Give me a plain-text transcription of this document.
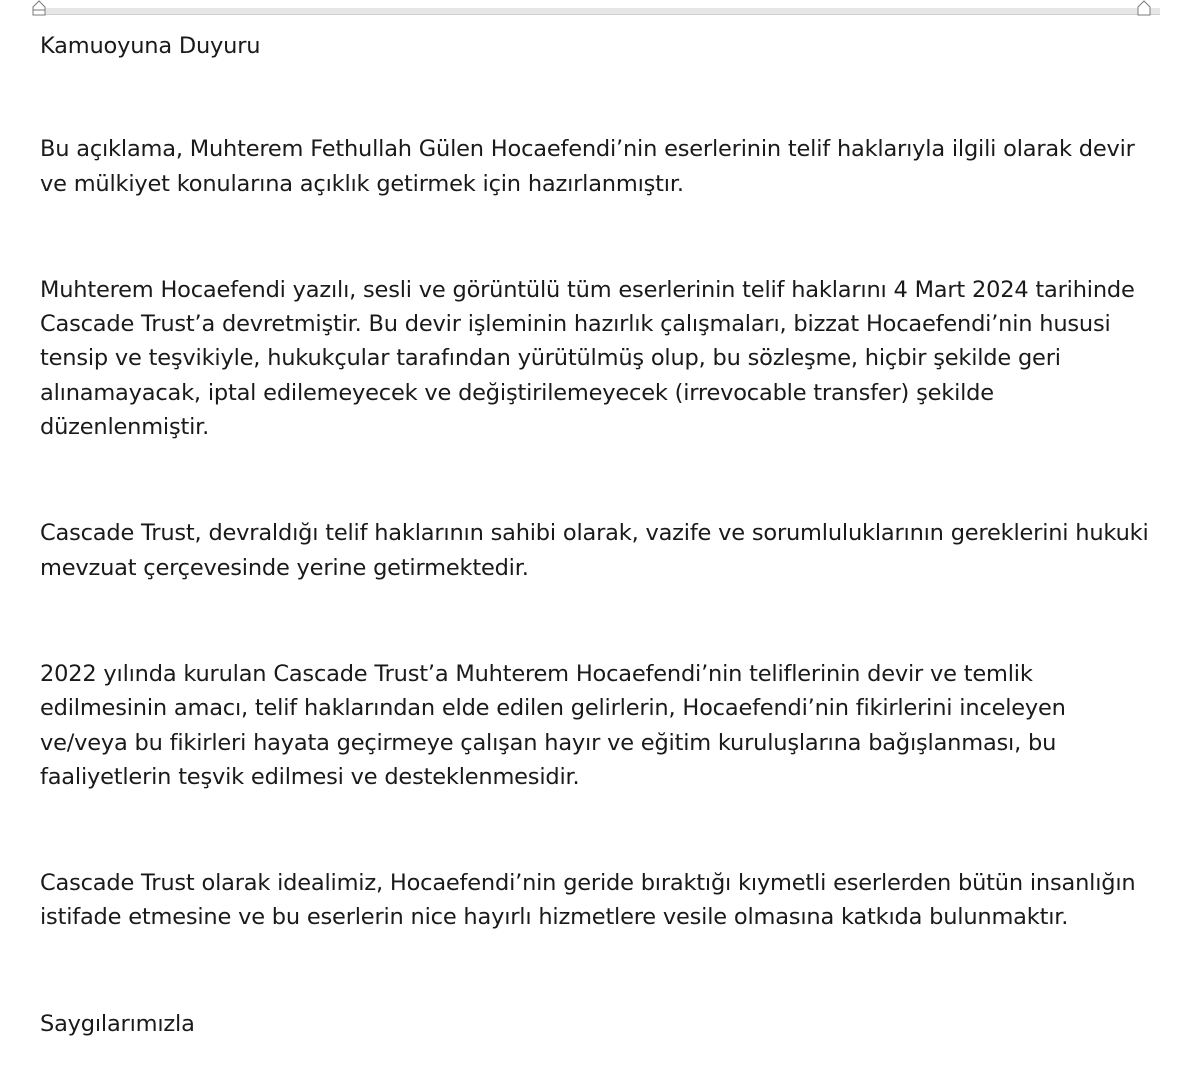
Kamuoyuna Duyuru

Bu açıklama, Muhterem Fethullah Gülen Hocaefendi’nin eserlerinin telif haklarıyla ilgili olarak devir ve mülkiyet konularına açıklık getirmek için hazırlanmıştır.

Muhterem Hocaefendi yazılı, sesli ve görüntülü tüm eserlerinin telif haklarını 4 Mart 2024 tarihinde Cascade Trust’a devretmiştir. Bu devir işleminin hazırlık çalışmaları, bizzat Hocaefendi’nin hususi tensip ve teşvikiyle, hukukçular tarafından yürütülmüş olup, bu sözleşme, hiçbir şekilde geri alınamayacak, iptal edilemeyecek ve değiştirilemeyecek (irrevocable transfer) şekilde düzenlenmiştir.

Cascade Trust, devraldığı telif haklarının sahibi olarak, vazife ve sorumluluklarının gereklerini hukuki mevzuat çerçevesinde yerine getirmektedir.

2022 yılında kurulan Cascade Trust’a Muhterem Hocaefendi’nin teliflerinin devir ve temlik edilmesinin amacı, telif haklarından elde edilen gelirlerin, Hocaefendi’nin fikirlerini inceleyen ve/veya bu fikirleri hayata geçirmeye çalışan hayır ve eğitim kuruluşlarına bağışlanması, bu faaliyetlerin teşvik edilmesi ve desteklenmesidir.

Cascade Trust olarak idealimiz, Hocaefendi’nin geride bıraktığı kıymetli eserlerden bütün insanlığın istifade etmesine ve bu eserlerin nice hayırlı hizmetlere vesile olmasına katkıda bulunmaktır.

Saygılarımızla
